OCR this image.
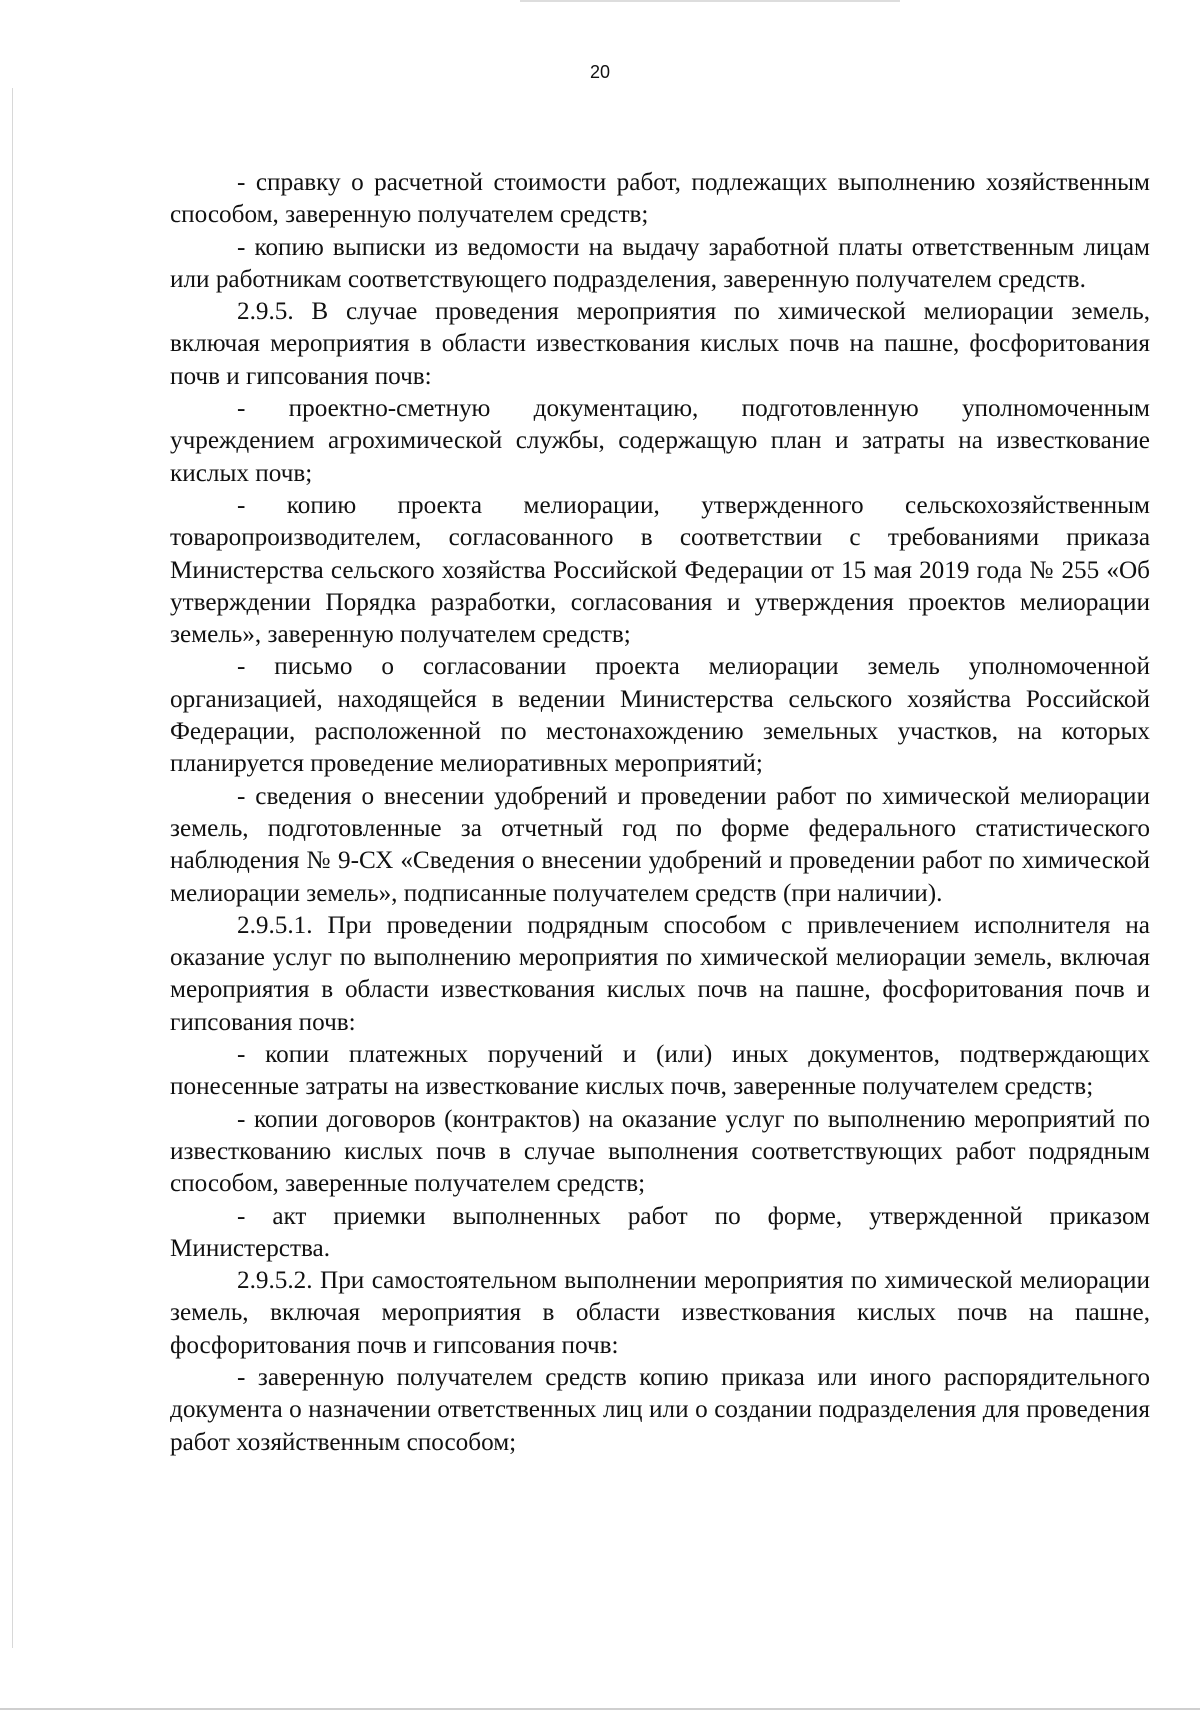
20

- справку о расчетной стоимости работ, подлежащих выполнению хозяйственным способом, заверенную получателем средств;

- копию выписки из ведомости на выдачу заработной платы ответственным лицам или работникам соответствующего подразделения, заверенную получателем средств.

2.9.5. В случае проведения мероприятия по химической мелиорации земель, включая мероприятия в области известкования кислых почв на пашне, фосфоритования почв и гипсования почв:

- проектно-сметную документацию, подготовленную уполномоченным учреждением агрохимической службы, содержащую план и затраты на известкование кислых почв;

- копию проекта мелиорации, утвержденного сельскохозяйственным товаропроизводителем, согласованного в соответствии с требованиями приказа Министерства сельского хозяйства Российской Федерации от 15 мая 2019 года № 255 «Об утверждении Порядка разработки, согласования и утверждения проектов мелиорации земель», заверенную получателем средств;

- письмо о согласовании проекта мелиорации земель уполномоченной организацией, находящейся в ведении Министерства сельского хозяйства Российской Федерации, расположенной по местонахождению земельных участков, на которых планируется проведение мелиоративных мероприятий;

- сведения о внесении удобрений и проведении работ по химической мелиорации земель, подготовленные за отчетный год по форме федерального статистического наблюдения № 9-СХ «Сведения о внесении удобрений и проведении работ по химической мелиорации земель», подписанные получателем средств (при наличии).

2.9.5.1. При проведении подрядным способом с привлечением исполнителя на оказание услуг по выполнению мероприятия по химической мелиорации земель, включая мероприятия в области известкования кислых почв на пашне, фосфоритования почв и гипсования почв:

- копии платежных поручений и (или) иных документов, подтверждающих понесенные затраты на известкование кислых почв, заверенные получателем средств;

- копии договоров (контрактов) на оказание услуг по выполнению мероприятий по известкованию кислых почв в случае выполнения соответствующих работ подрядным способом, заверенные получателем средств;

- акт приемки выполненных работ по форме, утвержденной приказом Министерства.

2.9.5.2. При самостоятельном выполнении мероприятия по химической мелиорации земель, включая мероприятия в области известкования кислых почв на пашне, фосфоритования почв и гипсования почв:

- заверенную получателем средств копию приказа или иного распорядительного документа о назначении ответственных лиц или о создании подразделения для проведения работ хозяйственным способом;
